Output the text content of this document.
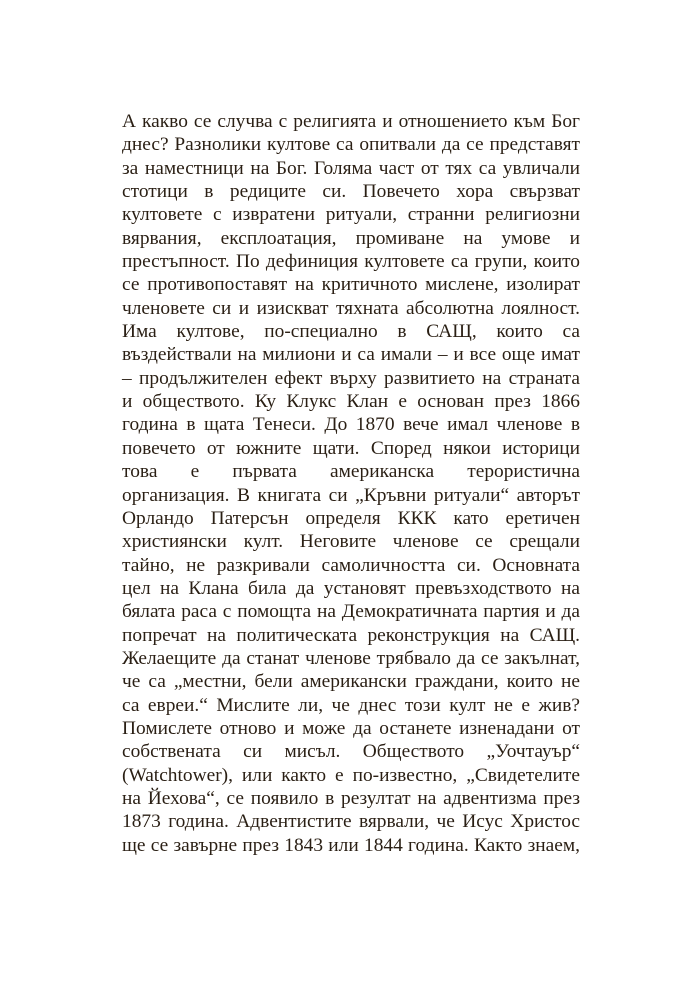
А какво се случва с религията и отношението към Бог
днес? Разнолики култове са опитвали да се представят
за наместници на Бог. Голяма част от тях са увличали
стотици в редиците си. Повечето хора свързват
култовете с извратени ритуали, странни религиозни
вярвания, експлоатация, промиване на умове и
престъпност. По дефиниция култовете са групи, които
се противопоставят на критичното мислене, изолират
членовете си и изискват тяхната абсолютна лоялност.
Има култове, по-специално в САЩ, които са
въздействали на милиони и са имали – и все още имат
– продължителен ефект върху развитието на страната
и обществото. Ку Клукс Клан е основан през 1866
година в щата Тенеси. До 1870 вече имал членове в
повечето от южните щати. Според някои историци
това е първата американска терористична
организация. В книгата си „Кръвни ритуали“ авторът
Орландо Патерсън определя ККК като еретичен
християнски култ. Неговите членове се срещали
тайно, не разкривали самоличността си. Основната
цел на Клана била да установят превъзходството на
бялата раса с помощта на Демократичната партия и да
попречат на политическата реконструкция на САЩ.
Желаещите да станат членове трябвало да се закълнат,
че са „местни, бели американски граждани, които не
са евреи.“ Мислите ли, че днес този култ не е жив?
Помислете отново и може да останете изненадани от
собствената си мисъл. Обществото „Уочтауър“
(Watchtower), или както е по-известно, „Свидетелите
на Йехова“, се появило в резултат на адвентизма през
1873 година. Адвентистите вярвали, че Исус Христос
ще се завърне през 1843 или 1844 година. Както знаем,
